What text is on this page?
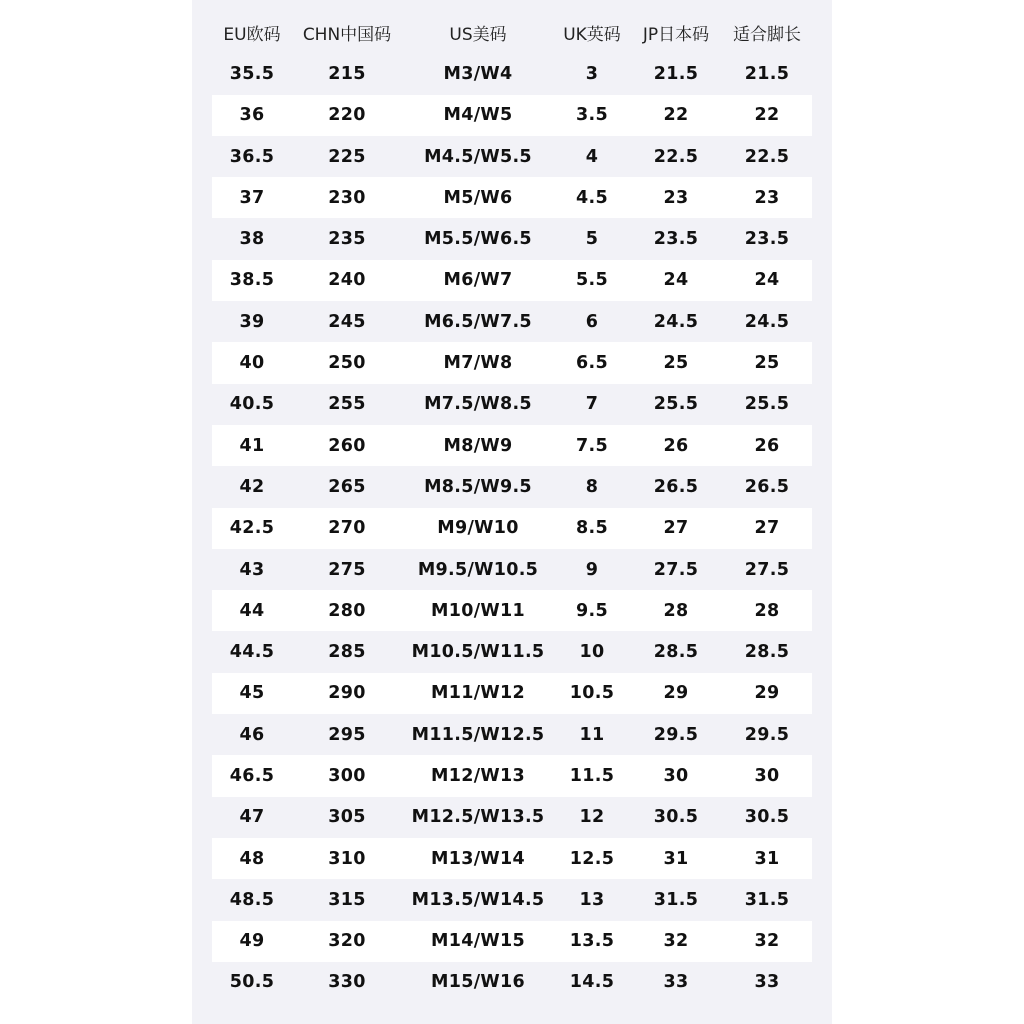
EU欧码	CHN中国码	US美码	UK英码	JP日本码	适合脚长
35.5	215	M3/W4	3	21.5	21.5
36	220	M4/W5	3.5	22	22
36.5	225	M4.5/W5.5	4	22.5	22.5
37	230	M5/W6	4.5	23	23
38	235	M5.5/W6.5	5	23.5	23.5
38.5	240	M6/W7	5.5	24	24
39	245	M6.5/W7.5	6	24.5	24.5
40	250	M7/W8	6.5	25	25
40.5	255	M7.5/W8.5	7	25.5	25.5
41	260	M8/W9	7.5	26	26
42	265	M8.5/W9.5	8	26.5	26.5
42.5	270	M9/W10	8.5	27	27
43	275	M9.5/W10.5	9	27.5	27.5
44	280	M10/W11	9.5	28	28
44.5	285	M10.5/W11.5	10	28.5	28.5
45	290	M11/W12	10.5	29	29
46	295	M11.5/W12.5	11	29.5	29.5
46.5	300	M12/W13	11.5	30	30
47	305	M12.5/W13.5	12	30.5	30.5
48	310	M13/W14	12.5	31	31
48.5	315	M13.5/W14.5	13	31.5	31.5
49	320	M14/W15	13.5	32	32
50.5	330	M15/W16	14.5	33	33
